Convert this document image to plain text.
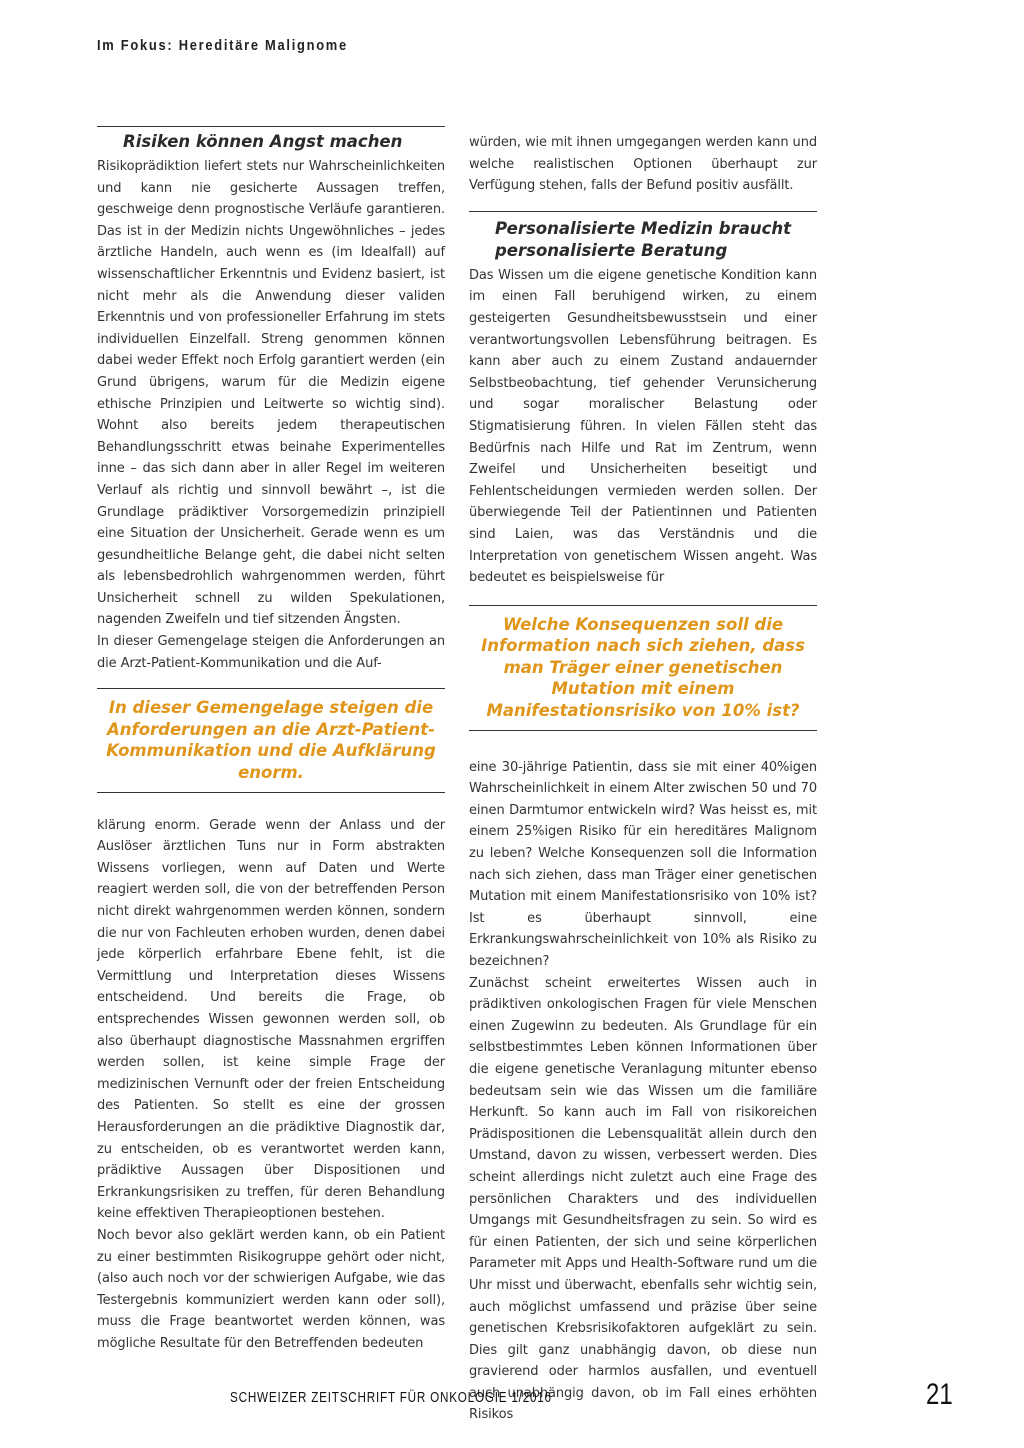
Im Fokus: Hereditäre Malignome
Risiken können Angst machen

Risikoprädiktion liefert stets nur Wahrscheinlichkeiten und kann nie gesicherte Aussagen treffen, geschweige denn prognostische Verläufe garantieren. Das ist in der Medizin nichts Ungewöhnliches – jedes ärztliche Handeln, auch wenn es (im Idealfall) auf wissenschaftlicher Erkenntnis und Evidenz basiert, ist nicht mehr als die Anwendung dieser validen Erkenntnis und von professioneller Erfahrung im stets individuellen Einzelfall. Streng genommen können dabei weder Effekt noch Erfolg garantiert werden (ein Grund übrigens, warum für die Medizin eigene ethische Prinzipien und Leitwerte so wichtig sind). Wohnt also bereits jedem therapeutischen Behandlungsschritt etwas beinahe Experimentelles inne – das sich dann aber in aller Regel im weiteren Verlauf als richtig und sinnvoll bewährt –, ist die Grundlage prädiktiver Vorsorgemedizin prinzipiell eine Situation der Unsicherheit. Gerade wenn es um gesundheitliche Belange geht, die dabei nicht selten als lebensbedrohlich wahrgenommen werden, führt Unsicherheit schnell zu wilden Spekulationen, nagenden Zweifeln und tief sitzenden Ängsten.

In dieser Gemengelage steigen die Anforderungen an die Arzt-Patient-Kommunikation und die Auf-

In dieser Gemengelage steigen die Anforderungen an die Arzt-Patient-Kommunikation und die Aufklärung enorm.

klärung enorm. Gerade wenn der Anlass und der Auslöser ärztlichen Tuns nur in Form abstrakten Wissens vorliegen, wenn auf Daten und Werte reagiert werden soll, die von der betreffenden Person nicht direkt wahrgenommen werden können, sondern die nur von Fachleuten erhoben wurden, denen dabei jede körperlich erfahrbare Ebene fehlt, ist die Vermittlung und Interpretation dieses Wissens entscheidend. Und bereits die Frage, ob entsprechendes Wissen gewonnen werden soll, ob also überhaupt diagnostische Massnahmen ergriffen werden sollen, ist keine simple Frage der medizinischen Vernunft oder der freien Entscheidung des Patienten. So stellt es eine der grossen Herausforderungen an die prädiktive Diagnostik dar, zu entscheiden, ob es verantwortet werden kann, prädiktive Aussagen über Dispositionen und Erkrankungsrisiken zu treffen, für deren Behandlung keine effektiven Therapieoptionen bestehen.

Noch bevor also geklärt werden kann, ob ein Patient zu einer bestimmten Risikogruppe gehört oder nicht, (also auch noch vor der schwierigen Aufgabe, wie das Testergebnis kommuniziert werden kann oder soll), muss die Frage beantwortet werden können, was mögliche Resultate für den Betreffenden bedeuten

würden, wie mit ihnen umgegangen werden kann und welche realistischen Optionen überhaupt zur Verfügung stehen, falls der Befund positiv ausfällt.

Personalisierte Medizin braucht personalisierte Beratung

Das Wissen um die eigene genetische Kondition kann im einen Fall beruhigend wirken, zu einem gesteigerten Gesundheitsbewusstsein und einer verantwortungsvollen Lebensführung beitragen. Es kann aber auch zu einem Zustand andauernder Selbstbeobachtung, tief gehender Verunsicherung und sogar moralischer Belastung oder Stigmatisierung führen. In vielen Fällen steht das Bedürfnis nach Hilfe und Rat im Zentrum, wenn Zweifel und Unsicherheiten beseitigt und Fehlentscheidungen vermieden werden sollen. Der überwiegende Teil der Patientinnen und Patienten sind Laien, was das Verständnis und die Interpretation von genetischem Wissen angeht. Was bedeutet es beispielsweise für

Welche Konsequenzen soll die Information nach sich ziehen, dass man Träger einer genetischen Mutation mit einem Manifestationsrisiko von 10% ist?

eine 30-jährige Patientin, dass sie mit einer 40%igen Wahrscheinlichkeit in einem Alter zwischen 50 und 70 einen Darmtumor entwickeln wird? Was heisst es, mit einem 25%igen Risiko für ein hereditäres Malignom zu leben? Welche Konsequenzen soll die Information nach sich ziehen, dass man Träger einer genetischen Mutation mit einem Manifestationsrisiko von 10% ist? Ist es überhaupt sinnvoll, eine Erkrankungswahrscheinlichkeit von 10% als Risiko zu bezeichnen?

Zunächst scheint erweitertes Wissen auch in prädiktiven onkologischen Fragen für viele Menschen einen Zugewinn zu bedeuten. Als Grundlage für ein selbstbestimmtes Leben können Informationen über die eigene genetische Veranlagung mitunter ebenso bedeutsam sein wie das Wissen um die familiäre Herkunft. So kann auch im Fall von risikoreichen Prädispositionen die Lebensqualität allein durch den Umstand, davon zu wissen, verbessert werden. Dies scheint allerdings nicht zuletzt auch eine Frage des persönlichen Charakters und des individuellen Umgangs mit Gesundheitsfragen zu sein. So wird es für einen Patienten, der sich und seine körperlichen Parameter mit Apps und Health-Software rund um die Uhr misst und überwacht, ebenfalls sehr wichtig sein, auch möglichst umfassend und präzise über seine genetischen Krebsrisikofaktoren aufgeklärt zu sein. Dies gilt ganz unabhängig davon, ob diese nun gravierend oder harmlos ausfallen, und eventuell auch unabhängig davon, ob im Fall eines erhöhten Risikos

SCHWEIZER ZEITSCHRIFT FÜR ONKOLOGIE 1/2016	21
